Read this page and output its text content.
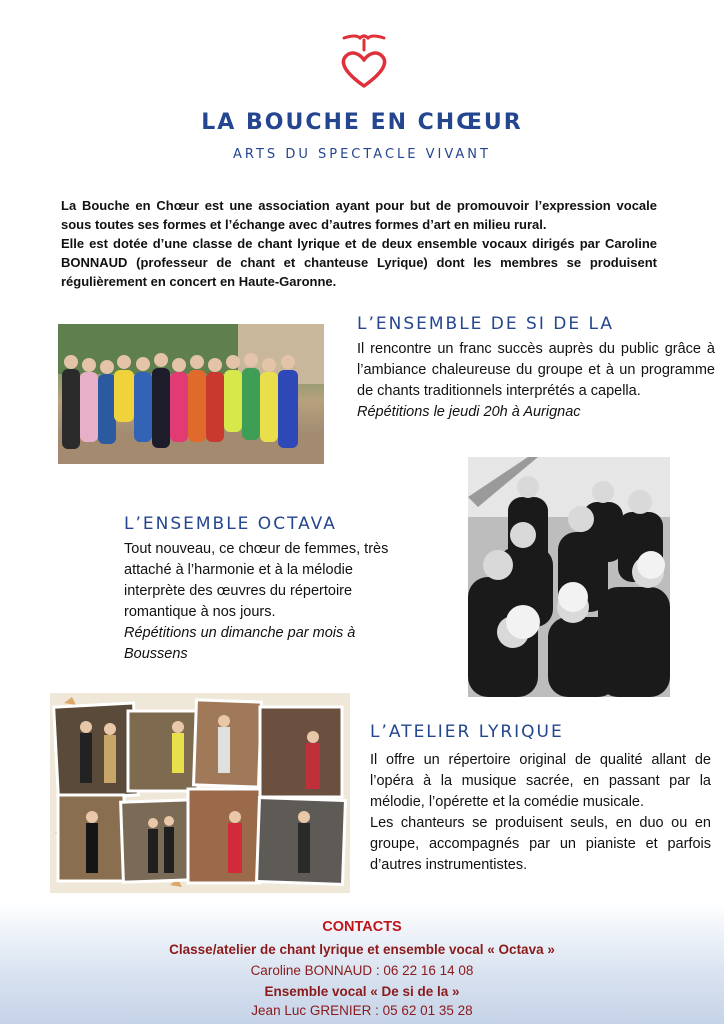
LA BOUCHE EN CHŒUR
ARTS DU SPECTACLE VIVANT

La Bouche en Chœur est une association ayant pour but de promouvoir l’expression vocale sous toutes ses formes et l’échange avec d’autres formes d’art en milieu rural.

Elle est dotée d’une classe de chant lyrique et de deux ensemble vocaux dirigés par Caroline BONNAUD (professeur de chant et chanteuse Lyrique) dont les membres se produisent régulièrement en concert en Haute-Garonne.

L’ENSEMBLE DE SI DE LA

Il rencontre un franc succès auprès du public grâce à l’ambiance chaleureuse du groupe et à un programme de chants traditionnels interprétés a capella.

Répétitions le jeudi 20h à Aurignac

L’ENSEMBLE OCTAVA

Tout nouveau, ce chœur de femmes, très attaché à l’harmonie et à la mélodie interprète des œuvres du répertoire romantique à nos jours.

Répétitions un dimanche par mois à Boussens

L’ATELIER LYRIQUE

Il offre un répertoire original de qualité allant de l’opéra à la musique sacrée, en passant par la mélodie, l’opérette et la comédie musicale.

Les chanteurs se produisent seuls, en duo ou en groupe, accompagnés par un pianiste et parfois d’autres instrumentistes.

CONTACTS
Classe/atelier de chant lyrique et ensemble vocal « Octava »
Caroline BONNAUD : 06 22 16 14 08
Ensemble vocal « De si de la »
Jean Luc GRENIER : 05 62 01 35 28
